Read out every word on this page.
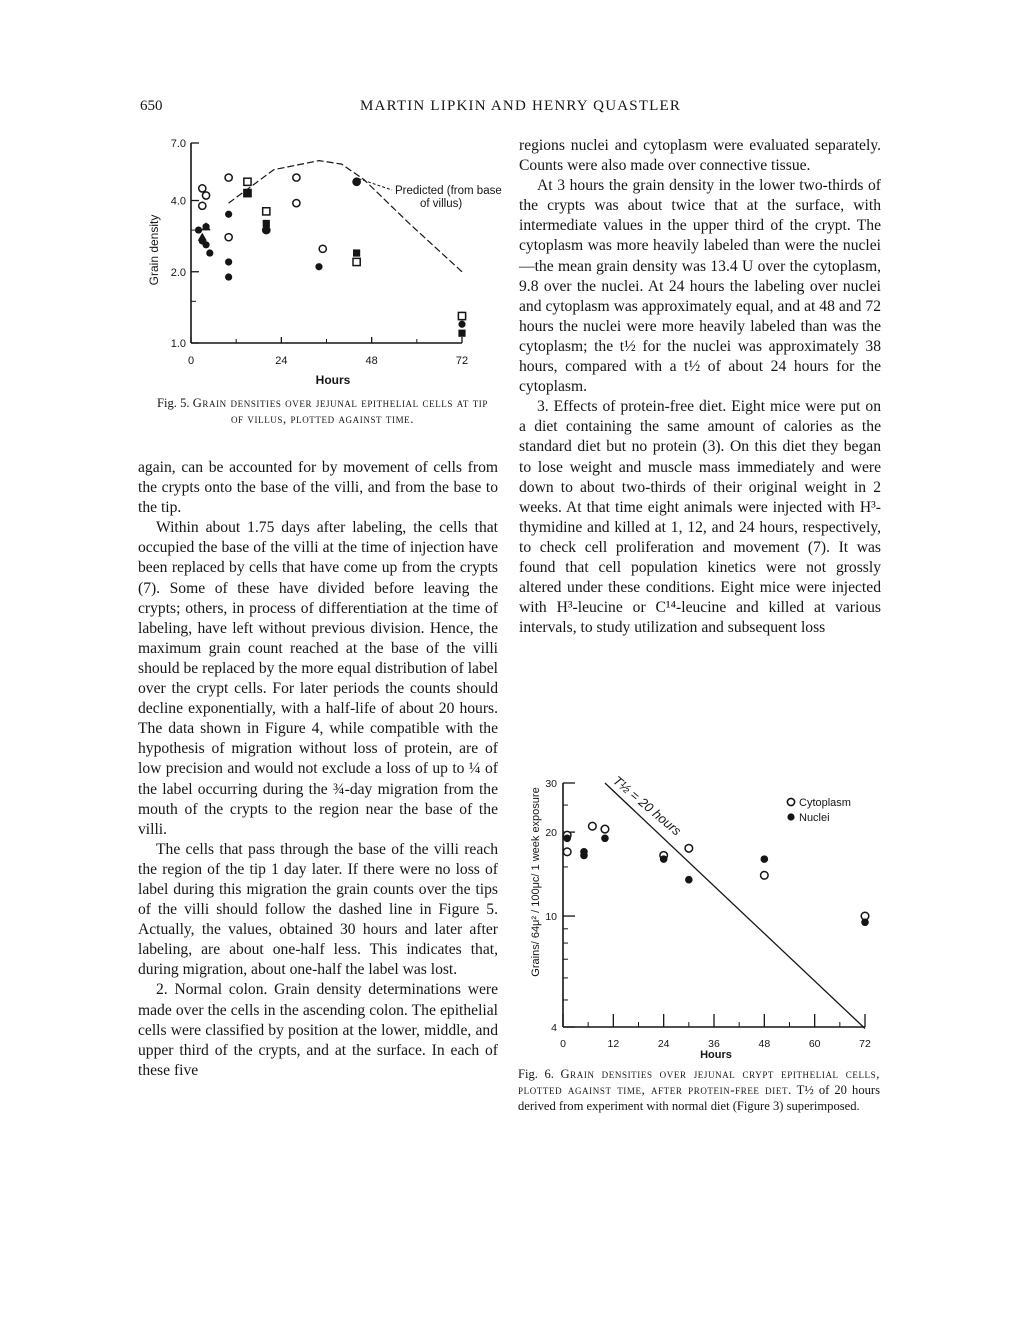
650	MARTIN LIPKIN AND HENRY QUASTLER
0	24	48	72
1.0
2.0
4.0
7.0
Predicted (from base
of villus)
Hours
Grain density
Fig. 5. Grain densities over jejunal epithelial cells at tip of villus, plotted against time.

again, can be accounted for by movement of cells from the crypts onto the base of the villi, and from the base to the tip.

Within about 1.75 days after labeling, the cells that occupied the base of the villi at the time of injection have been replaced by cells that have come up from the crypts (7). Some of these have divided before leaving the crypts; others, in process of differentiation at the time of labeling, have left without previous division. Hence, the maximum grain count reached at the base of the villi should be replaced by the more equal distribution of label over the crypt cells. For later periods the counts should decline exponentially, with a half-life of about 20 hours. The data shown in Figure 4, while compatible with the hypothesis of migration without loss of protein, are of low precision and would not exclude a loss of up to ¼ of the label occurring during the ¾-day migration from the mouth of the crypts to the region near the base of the villi.

The cells that pass through the base of the villi reach the region of the tip 1 day later. If there were no loss of label during this migration the grain counts over the tips of the villi should follow the dashed line in Figure 5. Actually, the values, obtained 30 hours and later after labeling, are about one-half less. This indicates that, during migration, about one-half the label was lost.

2. Normal colon. Grain density determinations were made over the cells in the ascending colon. The epithelial cells were classified by position at the lower, middle, and upper third of the crypts, and at the surface. In each of these five

regions nuclei and cytoplasm were evaluated separately. Counts were also made over connective tissue.

At 3 hours the grain density in the lower two-thirds of the crypts was about twice that at the surface, with intermediate values in the upper third of the crypt. The cytoplasm was more heavily labeled than were the nuclei—the mean grain density was 13.4 U over the cytoplasm, 9.8 over the nuclei. At 24 hours the labeling over nuclei and cytoplasm was approximately equal, and at 48 and 72 hours the nuclei were more heavily labeled than was the cytoplasm; the t½ for the nuclei was approximately 38 hours, compared with a t½ of about 24 hours for the cytoplasm.

3. Effects of protein-free diet. Eight mice were put on a diet containing the same amount of calories as the standard diet but no protein (3). On this diet they began to lose weight and muscle mass immediately and were down to about two-thirds of their original weight in 2 weeks. At that time eight animals were injected with H³-thymidine and killed at 1, 12, and 24 hours, respectively, to check cell proliferation and movement (7). It was found that cell population kinetics were not grossly altered under these conditions. Eight mice were injected with H³-leucine or C¹⁴-leucine and killed at various intervals, to study utilization and subsequent loss

0	12	24	36	48	60	72
4
10
20
30	T½ = 20 hours	Cytoplasm
Nuclei
Hours
Grains/ 64μ² / 100μc/ 1 week exposure
Fig. 6. Grain densities over jejunal crypt epithelial cells, plotted against time, after protein-free diet. T½ of 20 hours derived from experiment with normal diet (Figure 3) superimposed.
